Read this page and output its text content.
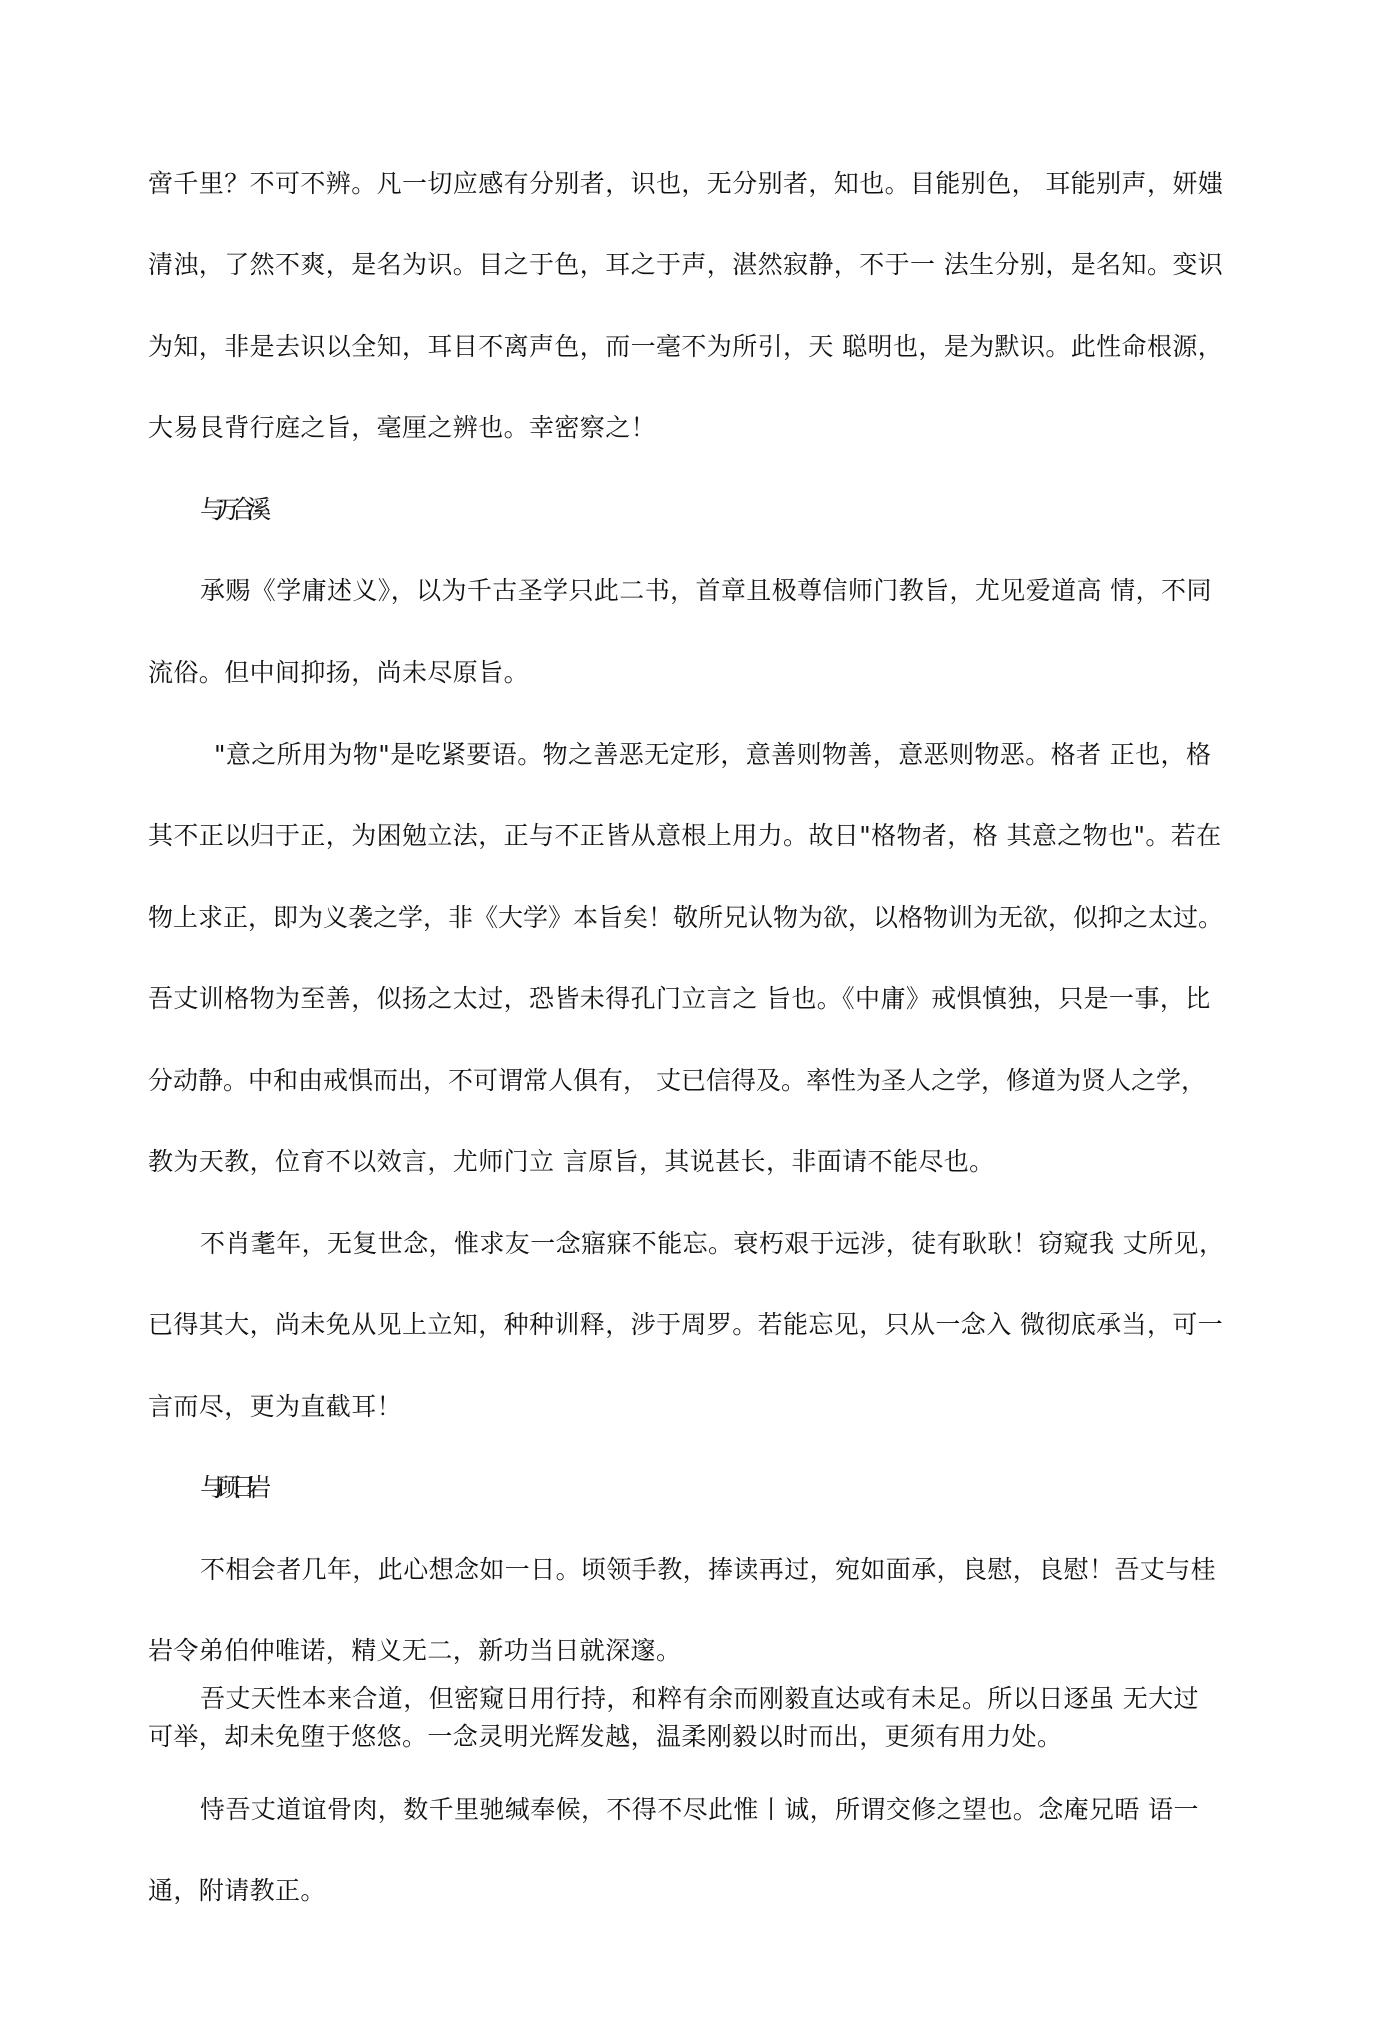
啻千里？不可不辨。凡一切应感有分别者，识也，无分别者，知也。目能别色， 耳能别声，妍媸

清浊，了然不爽，是名为识。目之于色，耳之于声，湛然寂静，不于一 法生分别，是名知。变识

为知，非是去识以全知，耳目不离声色，而一毫不为所引，天 聪明也，是为默识。此性命根源，

大易艮背行庭之旨，毫厘之辨也。幸密察之！

与万合溪

承赐《学庸述义》，以为千古圣学只此二书，首章且极尊信师门教旨，尤见爱道高 情，不同

流俗。但中间抑扬，尚未尽原旨。

"意之所用为物"是吃紧要语。物之善恶无定形，意善则物善，意恶则物恶。格者 正也，格

其不正以归于正，为困勉立法，正与不正皆从意根上用力。故日"格物者，格 其意之物也"。若在

物上求正，即为义袭之学，非《大学》本旨矣！敬所兄认物为欲，以格物训为无欲，似抑之太过。

吾丈训格物为至善，似扬之太过，恐皆未得孔门立言之 旨也。《中庸》戒惧慎独，只是一事，比

分动静。中和由戒惧而出，不可谓常人俱有， 丈已信得及。率性为圣人之学，修道为贤人之学，

教为天教，位育不以效言，尤师门立 言原旨，其说甚长，非面请不能尽也。

不肖耄年，无复世念，惟求友一念寤寐不能忘。衰朽艰于远涉，徒有耿耿！窃窥我 丈所见，

已得其大，尚未免从见上立知，种种训释，涉于周罗。若能忘见，只从一念入 微彻底承当，可一

言而尽，更为直截耳！

与顾日岩

不相会者几年，此心想念如一日。顷领手教，捧读再过，宛如面承，良慰，良慰！吾丈与桂

岩令弟伯仲唯诺，精义无二，新功当日就深邃。

吾丈天性本来合道，但密窥日用行持，和粹有余而刚毅直达或有未足。所以日逐虽 无大过

可举，却未免堕于悠悠。一念灵明光辉发越，温柔刚毅以时而出，更须有用力处。

恃吾丈道谊骨肉，数千里驰缄奉候，不得不尽此惟丨诚，所谓交修之望也。念庵兄晤 语一

通，附请教正。
